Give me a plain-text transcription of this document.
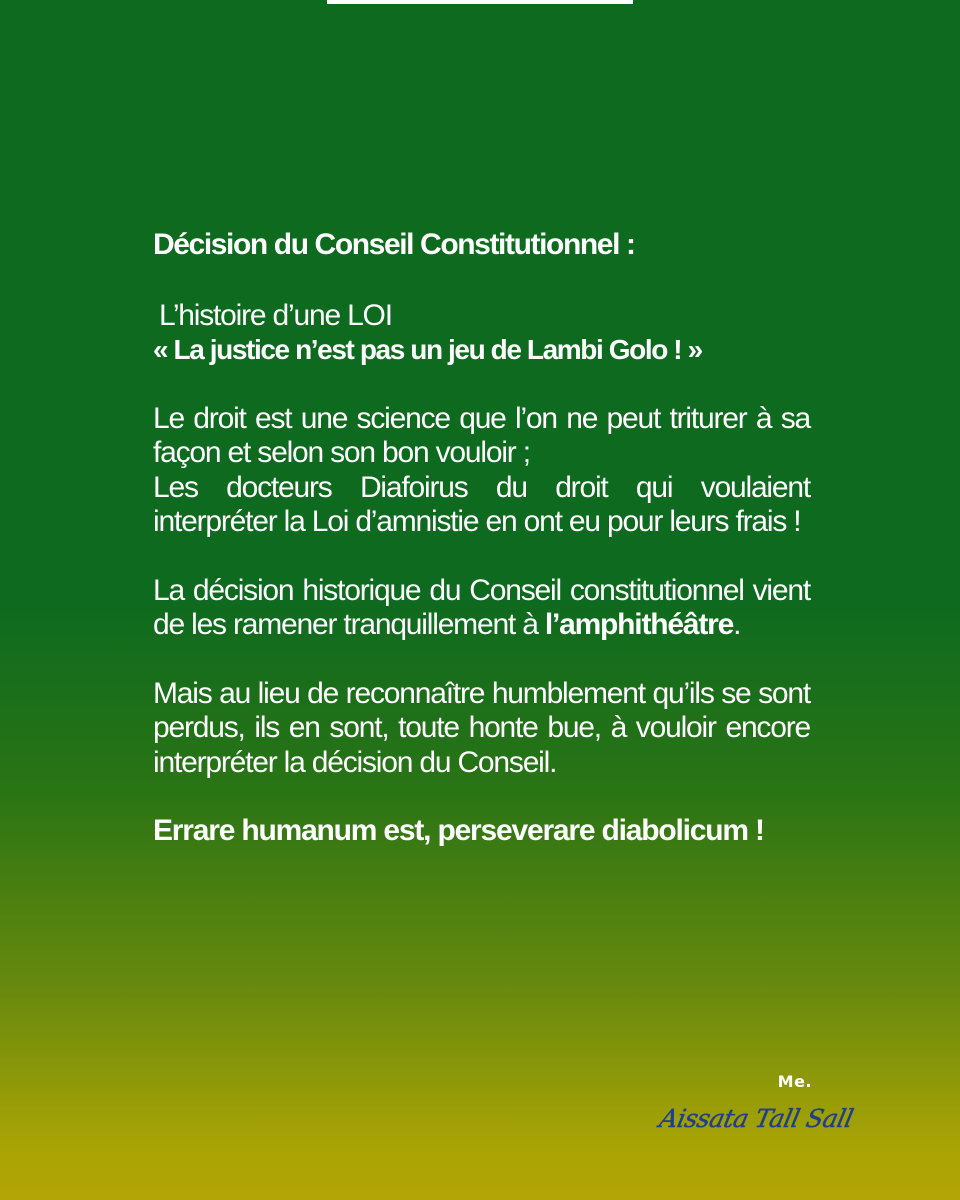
Décision du Conseil Constitutionnel :

L’histoire d’une LOI
« La justice n’est pas un jeu de Lambi Golo ! »

Le droit est une science que l’on ne peut triturer à sa façon et selon son bon vouloir ;
Les docteurs Diafoirus du droit qui voulaient interpréter la Loi d’amnistie en ont eu pour leurs frais !

La décision historique du Conseil constitutionnel vient de les ramener tranquillement à l’amphithéâtre.

Mais au lieu de reconnaître humblement qu’ils se sont perdus, ils en sont, toute honte bue, à vouloir encore interpréter la décision du Conseil.

Errare humanum est, perseverare diabolicum !

Me.
Aissata Tall Sall
